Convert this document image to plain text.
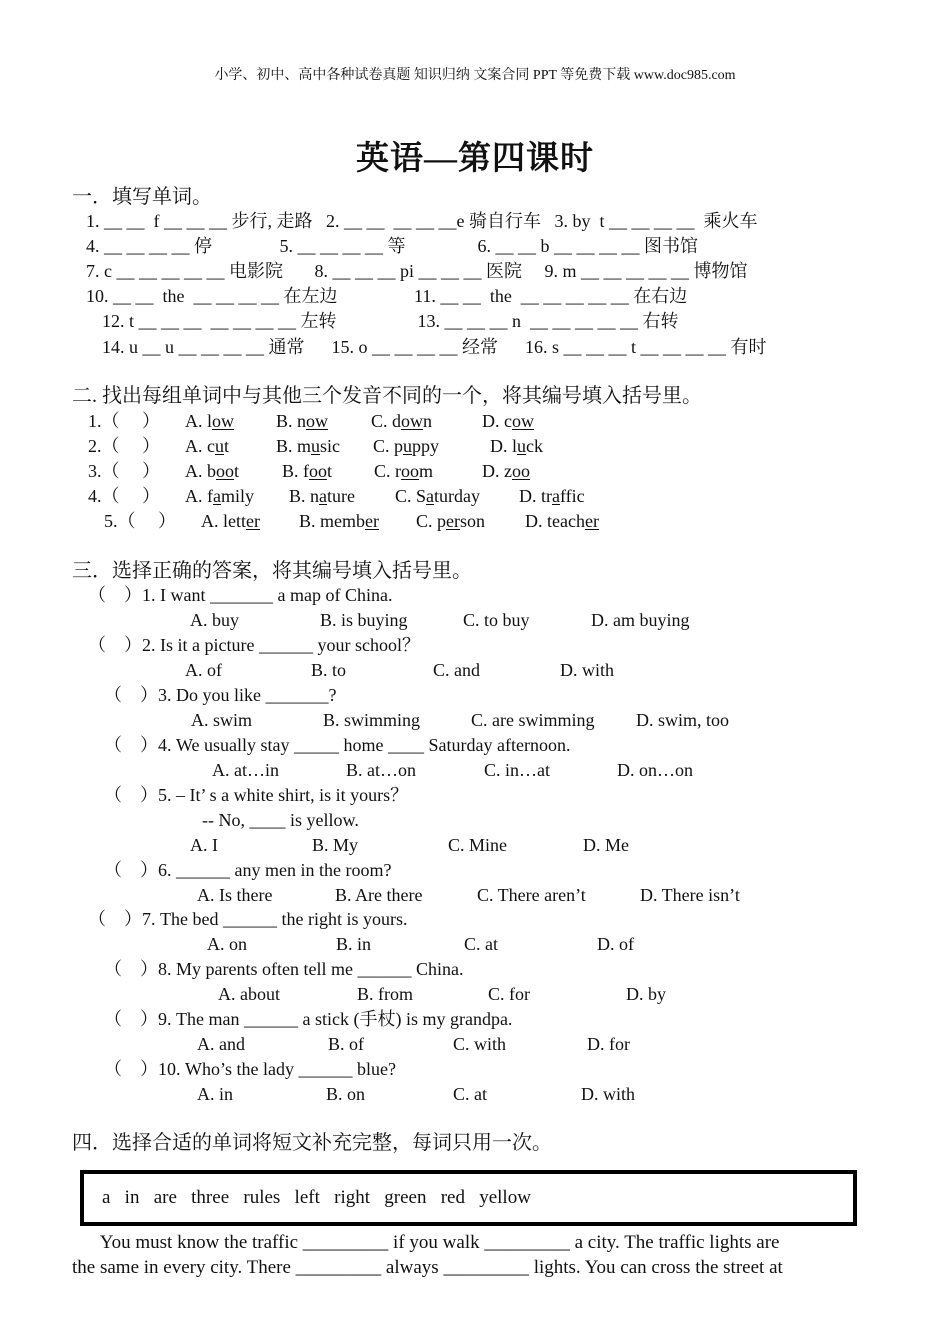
小学、初中、高中各种试卷真题 知识归纳 文案合同 PPT 等免费下载 www.doc985.com
英语—第四课时
一．填写单词。
1. __ __  f __ __ __ 步行, 走路   2. __ __  __ __ __e 骑自行车   3. by  t __ __ __ __  乘火车
4. __ __ __ __ 停               5. __ __ __ __ 等                6. __ __ b __ __ __ __ 图书馆
7. c __ __ __ __ __ 电影院       8. __ __ __ pi __ __ __ 医院     9. m __ __ __ __ __ 博物馆
10. __ __  the  __ __ __ __ 在左边                 11. __ __  the  __ __ __ __ __ 在右边
12. t __ __ __  __ __ __ __ 左转                  13. __ __ __ n  __ __ __ __ __ 右转
14. u __ u __ __ __ __ 通常      15. o __ __ __ __ 经常      16. s __ __ __ t __ __ __ __ 有时
二. 找出每组单词中与其他三个发音不同的一个，将其编号填入括号里。
1.（     ） A. low B. now C. down	D. cow
2.（     ） A. cut	B. music C. puppy	D. luck
3.（     ） A. boot B. foot C. room	D. zoo
4.（     ） A. family B. nature C. Saturday D. traffic
5.（     ） A. letter B. member C. person D. teacher
三．选择正确的答案，将其编号填入括号里。
（    ）1. I want _______ a map of China.
A. buy	B. is buying	C. to buy	D. am buying
（    ）2. Is it a picture ______ your school？
A. of	B. to	C. and	D. with
（    ）3. Do you like _______?
A. swim	B. swimming	C. are swimming D. swim, too
（    ）4. We usually stay _____ home ____ Saturday afternoon.
A. at…in	B. at…on	C. in…at	D. on…on
（    ）5. – It’ s a white shirt, is it yours？
-- No, ____ is yellow.
A. I	B. My	C. Mine	D. Me
（    ）6. ______ any men in the room?
A. Is there	B. Are there	C. There aren’t	D. There isn’t
（    ）7. The bed ______ the right is yours.
A. on	B. in	C. at	D. of
（    ）8. My parents often tell me ______ China.
A. about	B. from	C. for	D. by
（    ）9. The man ______ a stick (手杖) is my grandpa.
A. and	B. of	C. with	D. for
（    ）10. Who’s the lady ______ blue?
A. in	B. on	C. at	D. with
四．选择合适的单词将短文补充完整，每词只用一次。
a   in   are   three   rules   left   right   green   red   yellow
You must know the traffic _________ if you walk _________ a city. The traffic lights are
the same in every city. There _________ always _________ lights. You can cross the street at
